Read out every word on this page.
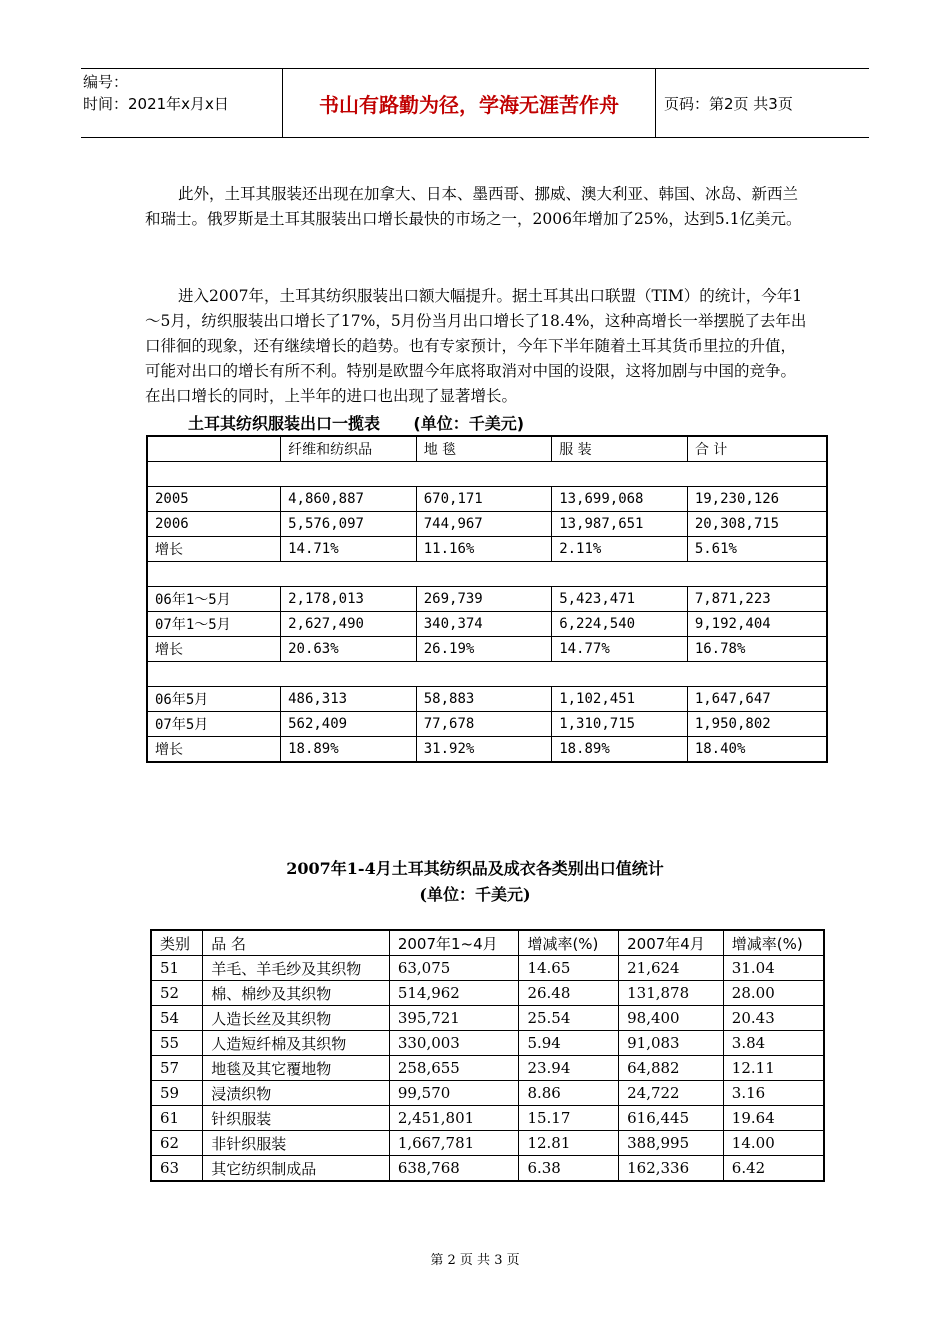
编号：
时间：2021年x月x日	书山有路勤为径，学海无涯苦作舟	页码：第2页 共3页
此外，土耳其服装还出现在加拿大、日本、墨西哥、挪威、澳大利亚、韩国、冰岛、新西兰和瑞士。俄罗斯是土耳其服装出口增长最快的市场之一，2006年增加了25%，达到5.1亿美元。
进入2007年，土耳其纺织服装出口额大幅提升。据土耳其出口联盟（TIM）的统计，今年1～5月，纺织服装出口增长了17%，5月份当月出口增长了18.4%，这种高增长一举摆脱了去年出口徘徊的现象，还有继续增长的趋势。也有专家预计，今年下半年随着土耳其货币里拉的升值，可能对出口的增长有所不利。特别是欧盟今年底将取消对中国的设限，这将加剧与中国的竞争。在出口增长的同时，上半年的进口也出现了显著增长。
土耳其纺织服装出口一揽表      (单位：千美元)
	纤维和纺织品	地 毯	服 装	合 计

2005	4,860,887	670,171	13,699,068	19,230,126
2006	5,576,097	744,967	13,987,651	20,308,715
增长	14.71%	11.16%	2.11%	5.61%

06年1～5月	2,178,013	269,739	5,423,471	7,871,223
07年1～5月	2,627,490	340,374	6,224,540	9,192,404
增长	20.63%	26.19%	14.77%	16.78%

06年5月	486,313	58,883	1,102,451	1,647,647
07年5月	562,409	77,678	1,310,715	1,950,802
增长	18.89%	31.92%	18.89%	18.40%
2007年1-4月土耳其纺织品及成衣各类别出口值统计
(单位：千美元)
类别	品 名	2007年1~4月	增减率(%)	2007年4月	增减率(%)
51	羊毛、羊毛纱及其织物	63,075	14.65	21,624	31.04
52	棉、棉纱及其织物	514,962	26.48	131,878	28.00
54	人造长丝及其织物	395,721	25.54	98,400	20.43
55	人造短纤棉及其织物	330,003	5.94	91,083	3.84
57	地毯及其它覆地物	258,655	23.94	64,882	12.11
59	浸渍织物	99,570	8.86	24,722	3.16
61	针织服装	2,451,801	15.17	616,445	19.64
62	非针织服装	1,667,781	12.81	388,995	14.00
63	其它纺织制成品	638,768	6.38	162,336	6.42
第 2 页 共 3 页
